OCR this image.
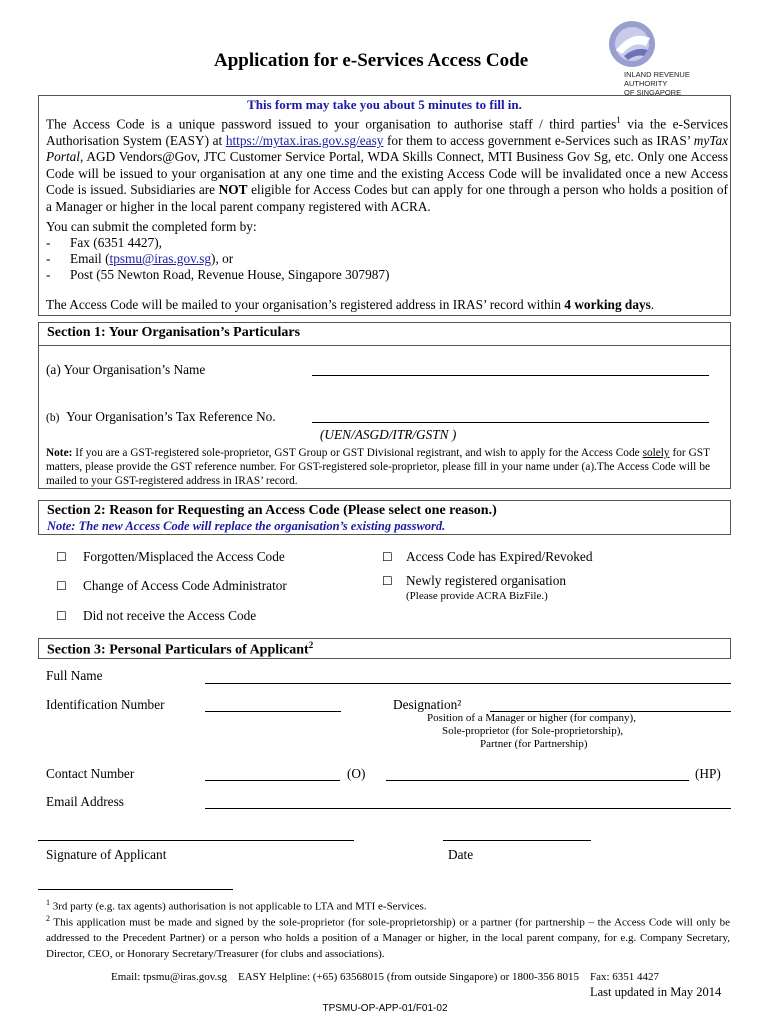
Application for e-Services Access Code
INLAND REVENUE
AUTHORITY
OF SINGAPORE
This form may take you about 5 minutes to fill in.
The Access Code is a unique password issued to your organisation to authorise staff / third parties$^1$ via the e-Services Authorisation System (EASY) at https://mytax.iras.gov.sg/easy for them to access government e-Services such as IRAS’ myTax Portal, AGD Vendors@Gov, JTC Customer Service Portal, WDA Skills Connect, MTI Business Gov Sg, etc. Only one Access Code will be issued to your organisation at any one time and the existing Access Code will be invalidated once a new Access Code is issued. Subsidiaries are NOT eligible for Access Codes but can apply for one through a person who holds a position of a Manager or higher in the local parent company registered with ACRA.
You can submit the completed form by:
- Fax (6351 4427),
- Email (tpsmu@iras.gov.sg), or
- Post (55 Newton Road, Revenue House, Singapore 307987)
The Access Code will be mailed to your organisation’s registered address in IRAS’ record within 4 working days.
Section 1: Your Organisation’s Particulars
(a) Your Organisation’s Name
(b) Your Organisation’s Tax Reference No.
(UEN/ASGD/ITR/GSTN )
Note: If you are a GST-registered sole-proprietor, GST Group or GST Divisional registrant, and wish to apply for the Access Code solely for GST matters, please provide the GST reference number. For GST-registered sole-proprietor, please fill in your name under (a).The Access Code will be mailed to your GST-registered address in IRAS’ record.
Section 2: Reason for Requesting an Access Code (Please select one reason.)
Note: The new Access Code will replace the organisation’s existing password.
☐ Forgotten/Misplaced the Access Code	☐ Access Code has Expired/Revoked
☐ Change of Access Code Administrator	☐ Newly registered organisation
(Please provide ACRA BizFile.)
☐ Did not receive the Access Code
Section 3: Personal Particulars of Applicant$^2$
Full Name
Identification Number	Designation²
Position of a Manager or higher (for company),
Sole-proprietor (for Sole-proprietorship),
Partner (for Partnership)
Contact Number	(O)	(HP)
Email Address
Signature of Applicant	Date
$^1$ 3rd party (e.g. tax agents) authorisation is not applicable to LTA and MTI e-Services.
$^2$ This application must be made and signed by the sole-proprietor (for sole-proprietorship) or a partner (for partnership – the Access Code will only be addressed to the Precedent Partner) or a person who holds a position of a Manager or higher, in the local parent company, for e.g. Company Secretary, Director, CEO, or Honorary Secretary/Treasurer (for clubs and associations).
Email: tpsmu@iras.gov.sg    EASY Helpline: (+65) 63568015 (from outside Singapore) or 1800-356 8015    Fax: 6351 4427
Last updated in May 2014
TPSMU-OP-APP-01/F01-02
